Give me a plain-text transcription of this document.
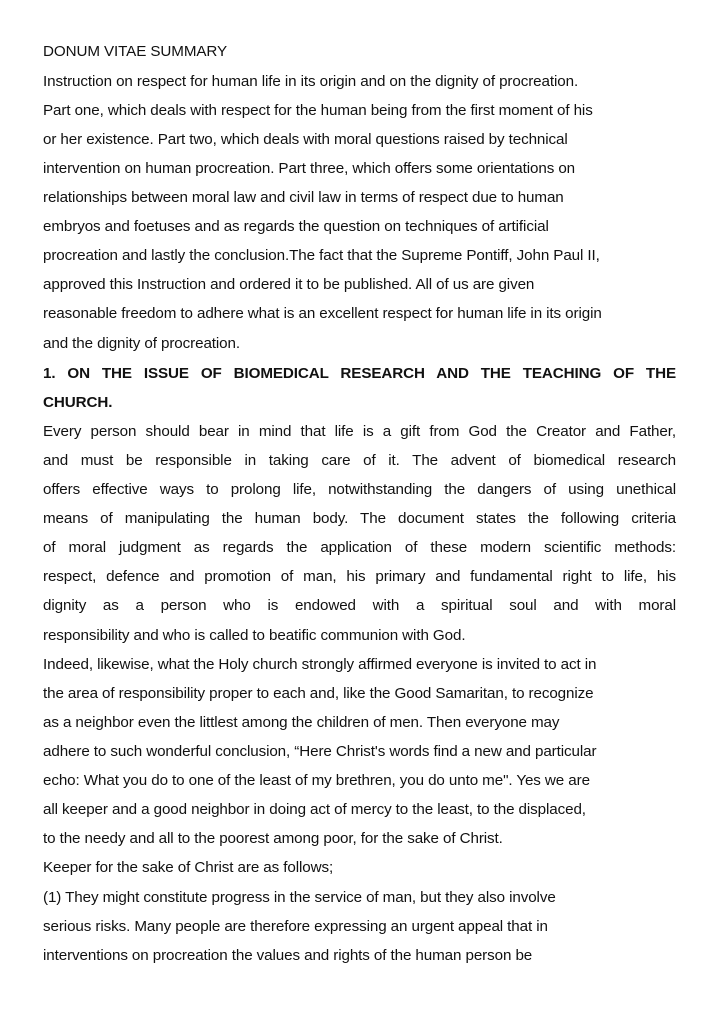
DONUM VITAE SUMMARY
Instruction on respect for human life in its origin and on the dignity of procreation.
Part one, which deals with respect for the human being from the first moment of his
or her existence. Part two, which deals with moral questions raised by technical
intervention on human procreation. Part three, which offers some orientations on
relationships between moral law and civil law in terms of respect due to human
embryos and foetuses and as regards the question on techniques of artificial
procreation and lastly the conclusion.The fact that the Supreme Pontiff, John Paul II,
approved this Instruction and ordered it to be published. All of us are given
reasonable freedom to adhere what is an excellent respect for human life in its origin
and the dignity of procreation.
1. ON THE ISSUE OF BIOMEDICAL RESEARCH AND THE TEACHING OF THE
CHURCH.
Every person should bear in mind that life is a gift from God the Creator and Father,
and must be responsible in taking care of it. The advent of biomedical research
offers effective ways to prolong life, notwithstanding the dangers of using unethical
means of manipulating the human body. The document states the following criteria
of moral judgment as regards the application of these modern scientific methods:
respect, defence and promotion of man, his primary and fundamental right to life, his
dignity as a person who is endowed with a spiritual soul and with moral
responsibility and who is called to beatific communion with God.
Indeed, likewise, what the Holy church strongly affirmed everyone is invited to act in
the area of responsibility proper to each and, like the Good Samaritan, to recognize
as a neighbor even the littlest among the children of men. Then everyone may
adhere to such wonderful conclusion, “Here Christ's words find a new and particular
echo: What you do to one of the least of my brethren, you do unto me". Yes we are
all keeper and a good neighbor in doing act of mercy to the least, to the displaced,
to the needy and all to the poorest among poor, for the sake of Christ.
Keeper for the sake of Christ are as follows;
(1) They might constitute progress in the service of man, but they also involve
serious risks. Many people are therefore expressing an urgent appeal that in
interventions on procreation the values and rights of the human person be
